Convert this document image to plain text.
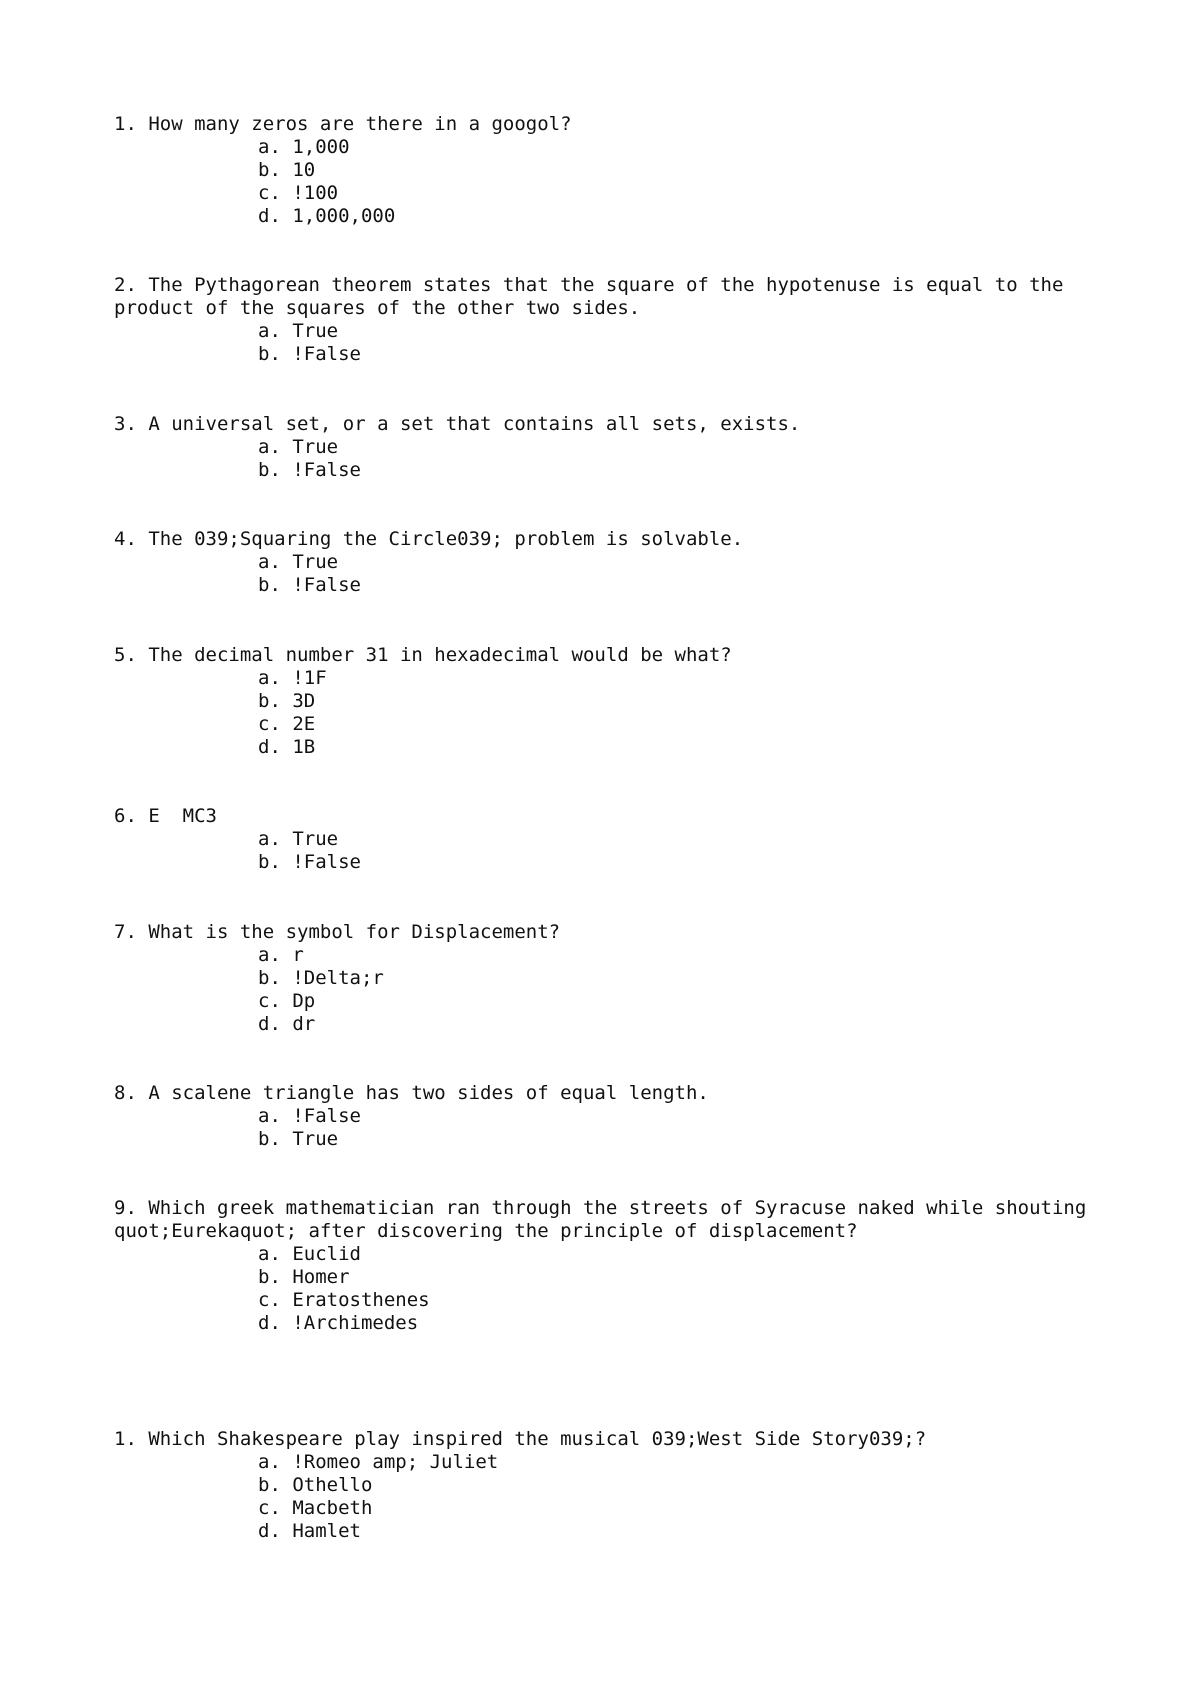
1. How many zeros are there in a googol?

a. 1,000
b. 10
c. !100
d. 1,000,000

2. The Pythagorean theorem states that the square of the hypotenuse is equal to the product of the squares of the other two sides.

a. True
b. !False

3. A universal set, or a set that contains all sets, exists.

a. True
b. !False

4. The 039;Squaring the Circle039; problem is solvable.

a. True
b. !False

5. The decimal number 31 in hexadecimal would be what?

a. !1F
b. 3D
c. 2E
d. 1B

6. E  MC3

a. True
b. !False

7. What is the symbol for Displacement?

a. r
b. !Delta;r
c. Dp
d. dr

8. A scalene triangle has two sides of equal length.

a. !False
b. True

9. Which greek mathematician ran through the streets of Syracuse naked while shouting quot;Eurekaquot; after discovering the principle of displacement?

a. Euclid
b. Homer
c. Eratosthenes
d. !Archimedes

1. Which Shakespeare play inspired the musical 039;West Side Story039;?

a. !Romeo amp; Juliet
b. Othello
c. Macbeth
d. Hamlet
